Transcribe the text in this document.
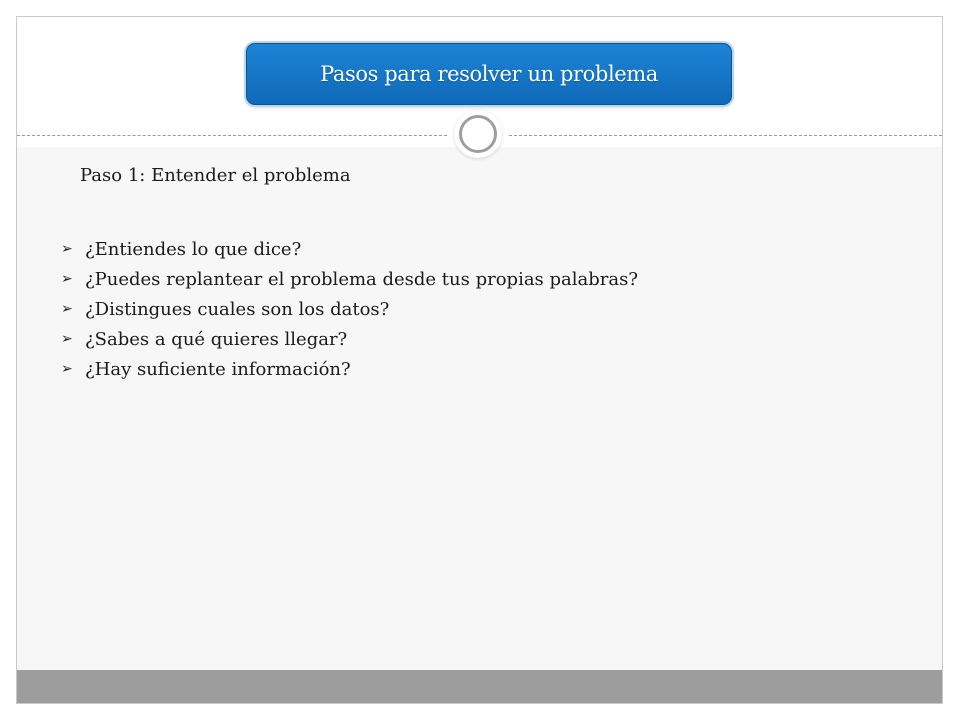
Pasos para resolver un problema
Paso 1: Entender el problema
➢ ¿Entiendes lo que dice?
➢ ¿Puedes replantear el problema desde tus propias palabras?
➢ ¿Distingues cuales son los datos?
➢ ¿Sabes a qué quieres llegar?
➢ ¿Hay suficiente información?
